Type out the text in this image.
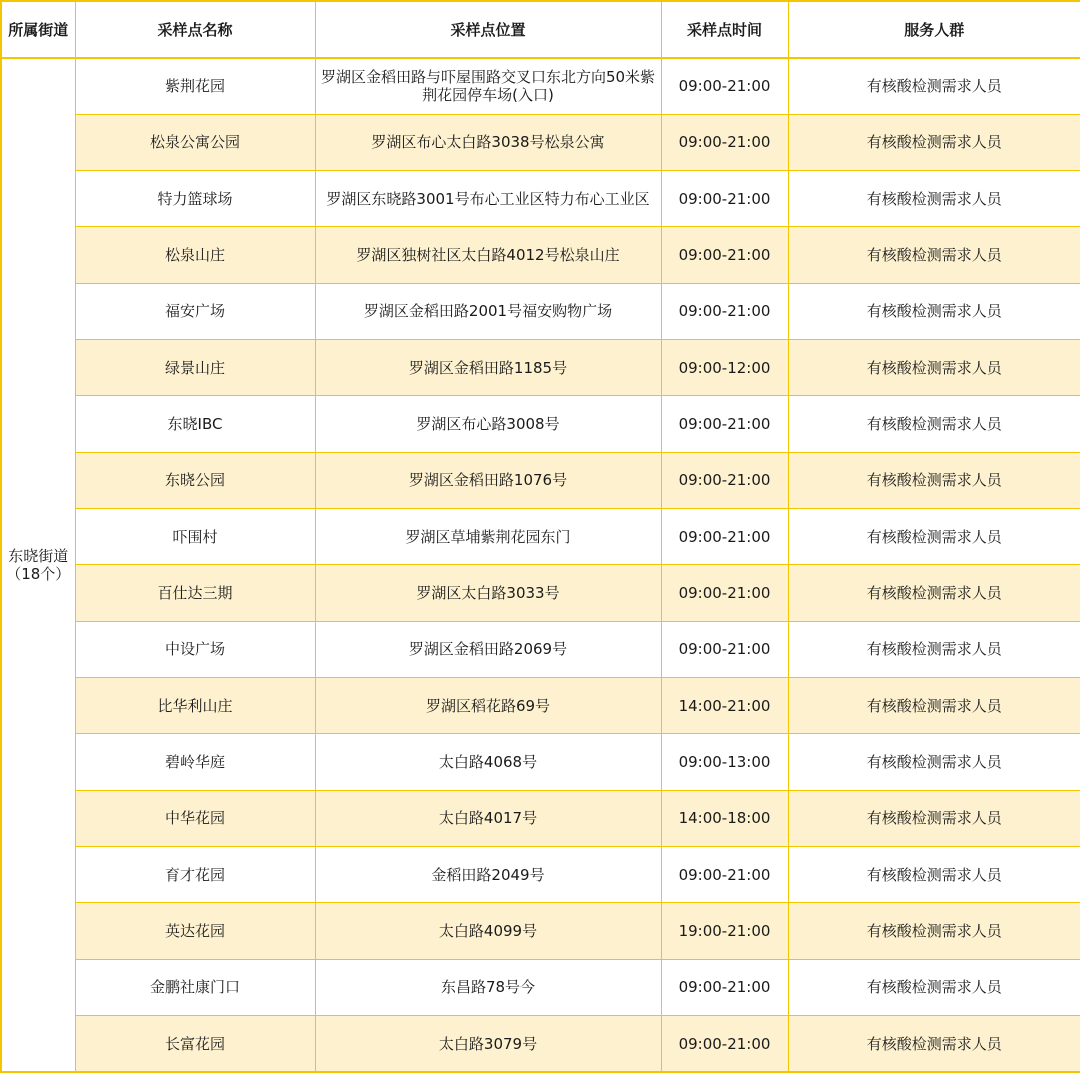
所属街道	采样点名称	采样点位置	采样点时间	服务人群

东晓街道
（18个）	紫荆花园	罗湖区金稻田路与吓屋围路交叉口东北方向50米紫荆花园停车场(入口)	09:00-21:00	有核酸检测需求人员
	松泉公寓公园	罗湖区布心太白路3038号松泉公寓	09:00-21:00	有核酸检测需求人员
	特力篮球场	罗湖区东晓路3001号布心工业区特力布心工业区	09:00-21:00	有核酸检测需求人员
	松泉山庄	罗湖区独树社区太白路4012号松泉山庄	09:00-21:00	有核酸检测需求人员
	福安广场	罗湖区金稻田路2001号福安购物广场	09:00-21:00	有核酸检测需求人员
	绿景山庄	罗湖区金稻田路1185号	09:00-12:00	有核酸检测需求人员
	东晓IBC	罗湖区布心路3008号	09:00-21:00	有核酸检测需求人员
	东晓公园	罗湖区金稻田路1076号	09:00-21:00	有核酸检测需求人员
	吓围村	罗湖区草埔紫荆花园东门	09:00-21:00	有核酸检测需求人员
	百仕达三期	罗湖区太白路3033号	09:00-21:00	有核酸检测需求人员
	中设广场	罗湖区金稻田路2069号	09:00-21:00	有核酸检测需求人员
	比华利山庄	罗湖区稻花路69号	14:00-21:00	有核酸检测需求人员
	碧岭华庭	太白路4068号	09:00-13:00	有核酸检测需求人员
	中华花园	太白路4017号	14:00-18:00	有核酸检测需求人员
	育才花园	金稻田路2049号	09:00-21:00	有核酸检测需求人员
	英达花园	太白路4099号	19:00-21:00	有核酸检测需求人员
	金鹏社康门口	东昌路78号今	09:00-21:00	有核酸检测需求人员
	长富花园	太白路3079号	09:00-21:00	有核酸检测需求人员
